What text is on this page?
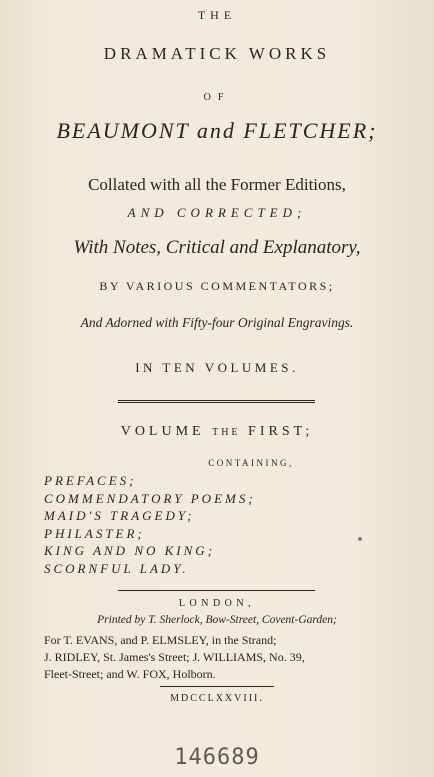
THE
DRAMATICK WORKS
OF
BEAUMONT and FLETCHER;
Collated with all the Former Editions,
AND CORRECTED;
With Notes, Critical and Explanatory,
BY VARIOUS COMMENTATORS;
And Adorned with Fifty-four Original Engravings.
IN TEN VOLUMES.
VOLUME THE FIRST;
CONTAINING,
PREFACES;
COMMENDATORY POEMS;
MAID'S TRAGEDY;
PHILASTER;
KING AND NO KING;
SCORNFUL LADY.
LONDON,
Printed by T. Sherlock, Bow-Street, Covent-Garden;
For T. EVANS, and P. ELMSLEY, in the Strand;
J. RIDLEY, St. James's Street; J. WILLIAMS, No. 39,
Fleet-Street; and W. FOX, Holborn.
MDCCLXXVIII.
146689
